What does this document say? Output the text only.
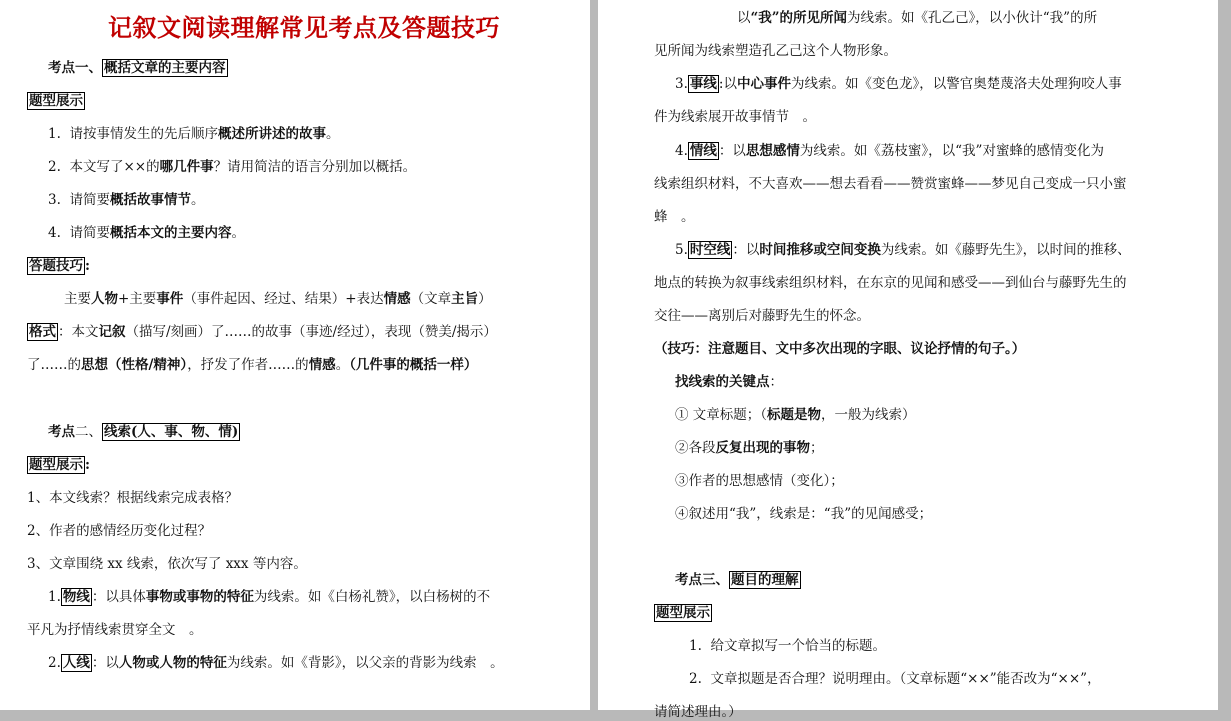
记叙文阅读理解常见考点及答题技巧
考点一、 概括文章的主要内容
题型展示
1. 请按事情发生的先后顺序概述所讲述的故事。
2. 本文写了××的哪几件事？请用简洁的语言分别加以概括。
3. 请简要概括故事情节。
4. 请简要概括本文的主要内容。
答题技巧 :
主要人物+主要事件（事件起因、经过、结果）+表达情感（文章主旨）
格式 ：本文记叙（描写/刻画）了……的故事（事迹/经过），表现（赞美/揭示）
了……的思想（性格/精神），抒发了作者……的情感。（几件事的概括一样）
考点二、 线索(人、事、物、情)
题型展示 :
1、本文线索？根据线索完成表格？
2、作者的感情经历变化过程？
3、文章围绕 xx 线索，依次写了 xxx 等内容。
1. 物线 ：以具体事物或事物的特征为线索。如《白杨礼赞》，以白杨树的不
平凡为抒情线索贯穿全文　。
2. 人线 ：以人物或人物的特征为线索。如《背影》，以父亲的背影为线索　。
以“我”的所见所闻为线索。如《孔乙己》，以小伙计“我”的所
见所闻为线索塑造孔乙己这个人物形象。
3. 事线 :以中心事件为线索。如《变色龙》，以警官奥楚蔑洛夫处理狗咬人事
件为线索展开故事情节　。
4. 情线 ：以思想感情为线索。如《荔枝蜜》，以“我”对蜜蜂的感情变化为
线索组织材料，不大喜欢——想去看看——赞赏蜜蜂——梦见自己变成一只小蜜
蜂　。
5. 时空线 ：以时间推移或空间变换为线索。如《藤野先生》，以时间的推移、
地点的转换为叙事线索组织材料，在东京的见闻和感受——到仙台与藤野先生的
交往——离别后对藤野先生的怀念。
（技巧：注意题目、文中多次出现的字眼、议论抒情的句子。）
找线索的关键点：
① 文章标题；（标题是物，一般为线索）
②各段反复出现的事物；
③作者的思想感情（变化）；
④叙述用“我”，线索是：“我”的见闻感受；
考点三、 题目的理解
题型展示
1. 给文章拟写一个恰当的标题。
2. 文章拟题是否合理？说明理由。（文章标题“××”能否改为“××”，
请简述理由。）
